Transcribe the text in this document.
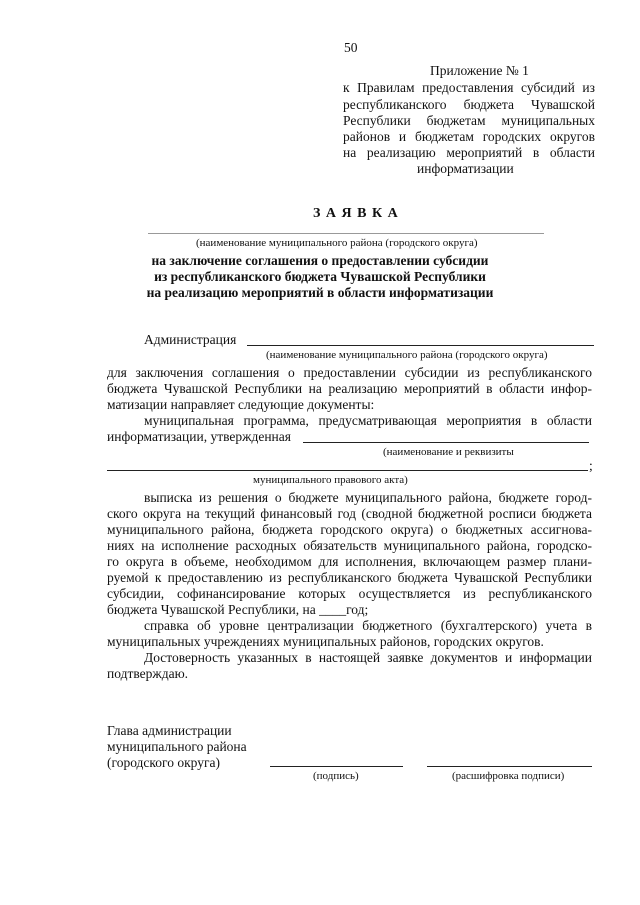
50
Приложение № 1
к Правилам предоставления субсидий из
республиканского бюджета Чувашской
Республики бюджетам муниципальных
районов и бюджетам городских округов
на реализацию мероприятий в области
информатизации
З А Я В К А
(наименование муниципального района (городского округа)
на заключение соглашения о предоставлении субсидии
из республиканского бюджета Чувашской Республики
на реализацию мероприятий в области информатизации
Администрация
(наименование муниципального района (городского округа)
для заключения соглашения о предоставлении субсидии из республиканского
бюджета Чувашской Республики на реализацию мероприятий в области инфор-
матизации направляет следующие документы:
муниципальная программа, предусматривающая мероприятия в области
информатизации, утвержденная
(наименование и реквизиты
;
муниципального правового акта)
выписка из решения о бюджете муниципального района, бюджете город-
ского округа на текущий финансовый год (сводной бюджетной росписи бюджета
муниципального района, бюджета городского округа) о бюджетных ассигнова-
ниях на исполнение расходных обязательств муниципального района, городско-
го округа в объеме, необходимом для исполнения, включающем размер плани-
руемой к предоставлению из республиканского бюджета Чувашской Республики
субсидии, софинансирование которых осуществляется из республиканского
бюджета Чувашской Республики, на ____год;
справка об уровне централизации бюджетного (бухгалтерского) учета в
муниципальных учреждениях муниципальных районов, городских округов.
Достоверность указанных в настоящей заявке документов и информации
подтверждаю.
Глава администрации
муниципального района
(городского округа)
(подпись)	(расшифровка подписи)
